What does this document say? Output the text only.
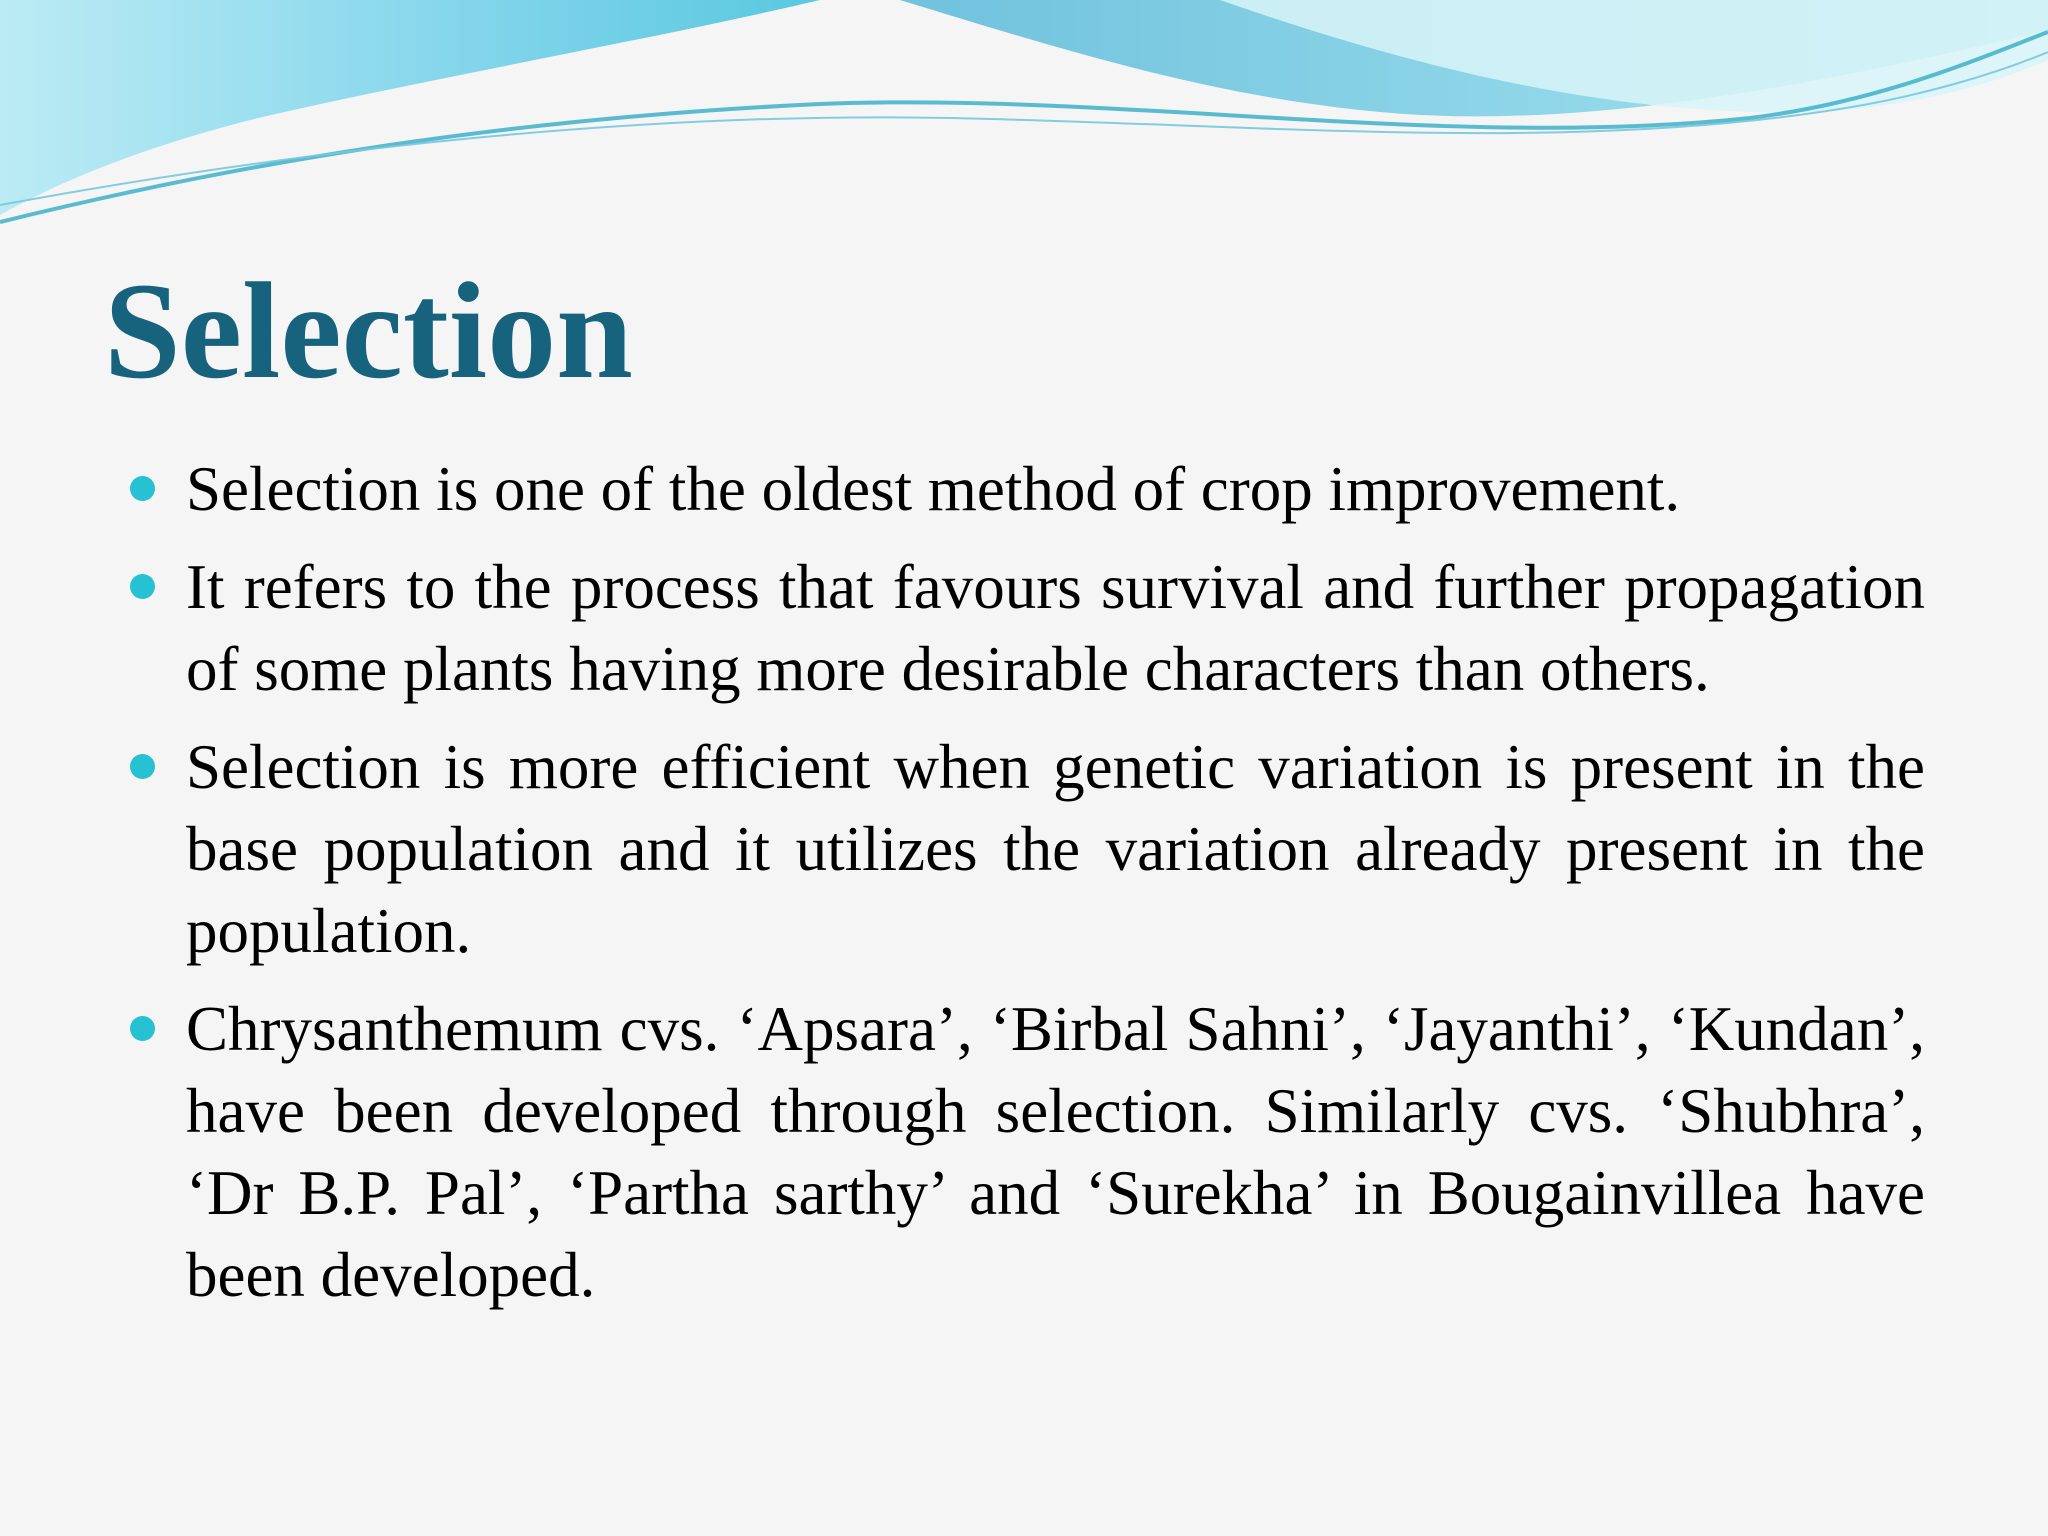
Selection
Selection is one of the oldest method of crop improvement.
It refers to the process that favours survival and further propagation of some plants having more desirable characters than others.
Selection is more efficient when genetic variation is present in the base population and it utilizes the variation already present in the population.
Chrysanthemum cvs. ‘Apsara’, ‘Birbal Sahni’, ‘Jayanthi’, ‘Kundan’, have been developed through selection. Similarly cvs. ‘Shubhra’, ‘Dr B.P. Pal’, ‘Partha sarthy’ and ‘Surekha’ in Bougainvillea have been developed.
